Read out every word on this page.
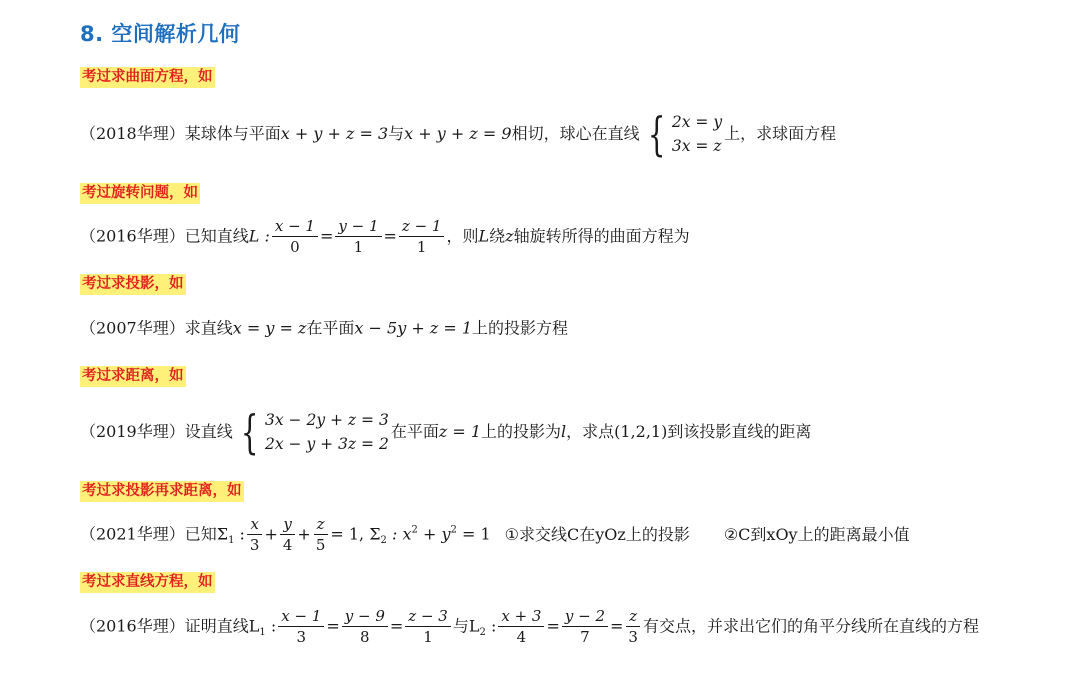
8. 空间解析几何
考过求曲面方程，如
（2018华理）某球体与平面x + y + z = 3与x + y + z = 9相切，球心在直线 { 2x = y
3x = z
上，求球面方程
考过旋转问题，如
（2016华理）已知直线L : $\frac{x - 1}{0} = \frac{y - 1}{1} = \frac{z - 1}{1}$ ，则L绕z轴旋转所得的曲面方程为
考过求投影，如
（2007华理）求直线x = y = z在平面x − 5y + z = 1上的投影方程
考过求距离，如
（2019华理）设直线 { 3x − 2y + z = 3
2x − y + 3z = 2
在平面z = 1上的投影为l，求点(1,2,1)到该投影直线的距离
考过求投影再求距离，如
（2021华理）已知$\Sigma_1$ : $\frac{x}{3} + \frac{y}{4} + \frac{z}{5} = 1$, $\Sigma_2$ : $x^2 + y^2 = 1$ ①求交线C在yOz上的投影 ②C到xOy上的距离最小值
考过求直线方程，如
（2016华理）证明直线$L_1$ : $\frac{x - 1}{3} = \frac{y - 9}{8} = \frac{z - 3}{1}$ 与$L_2$ : $\frac{x + 3}{4} = \frac{y - 2}{7} = \frac{z}{3}$ 有交点，并求出它们的角平分线所在直线的方程
